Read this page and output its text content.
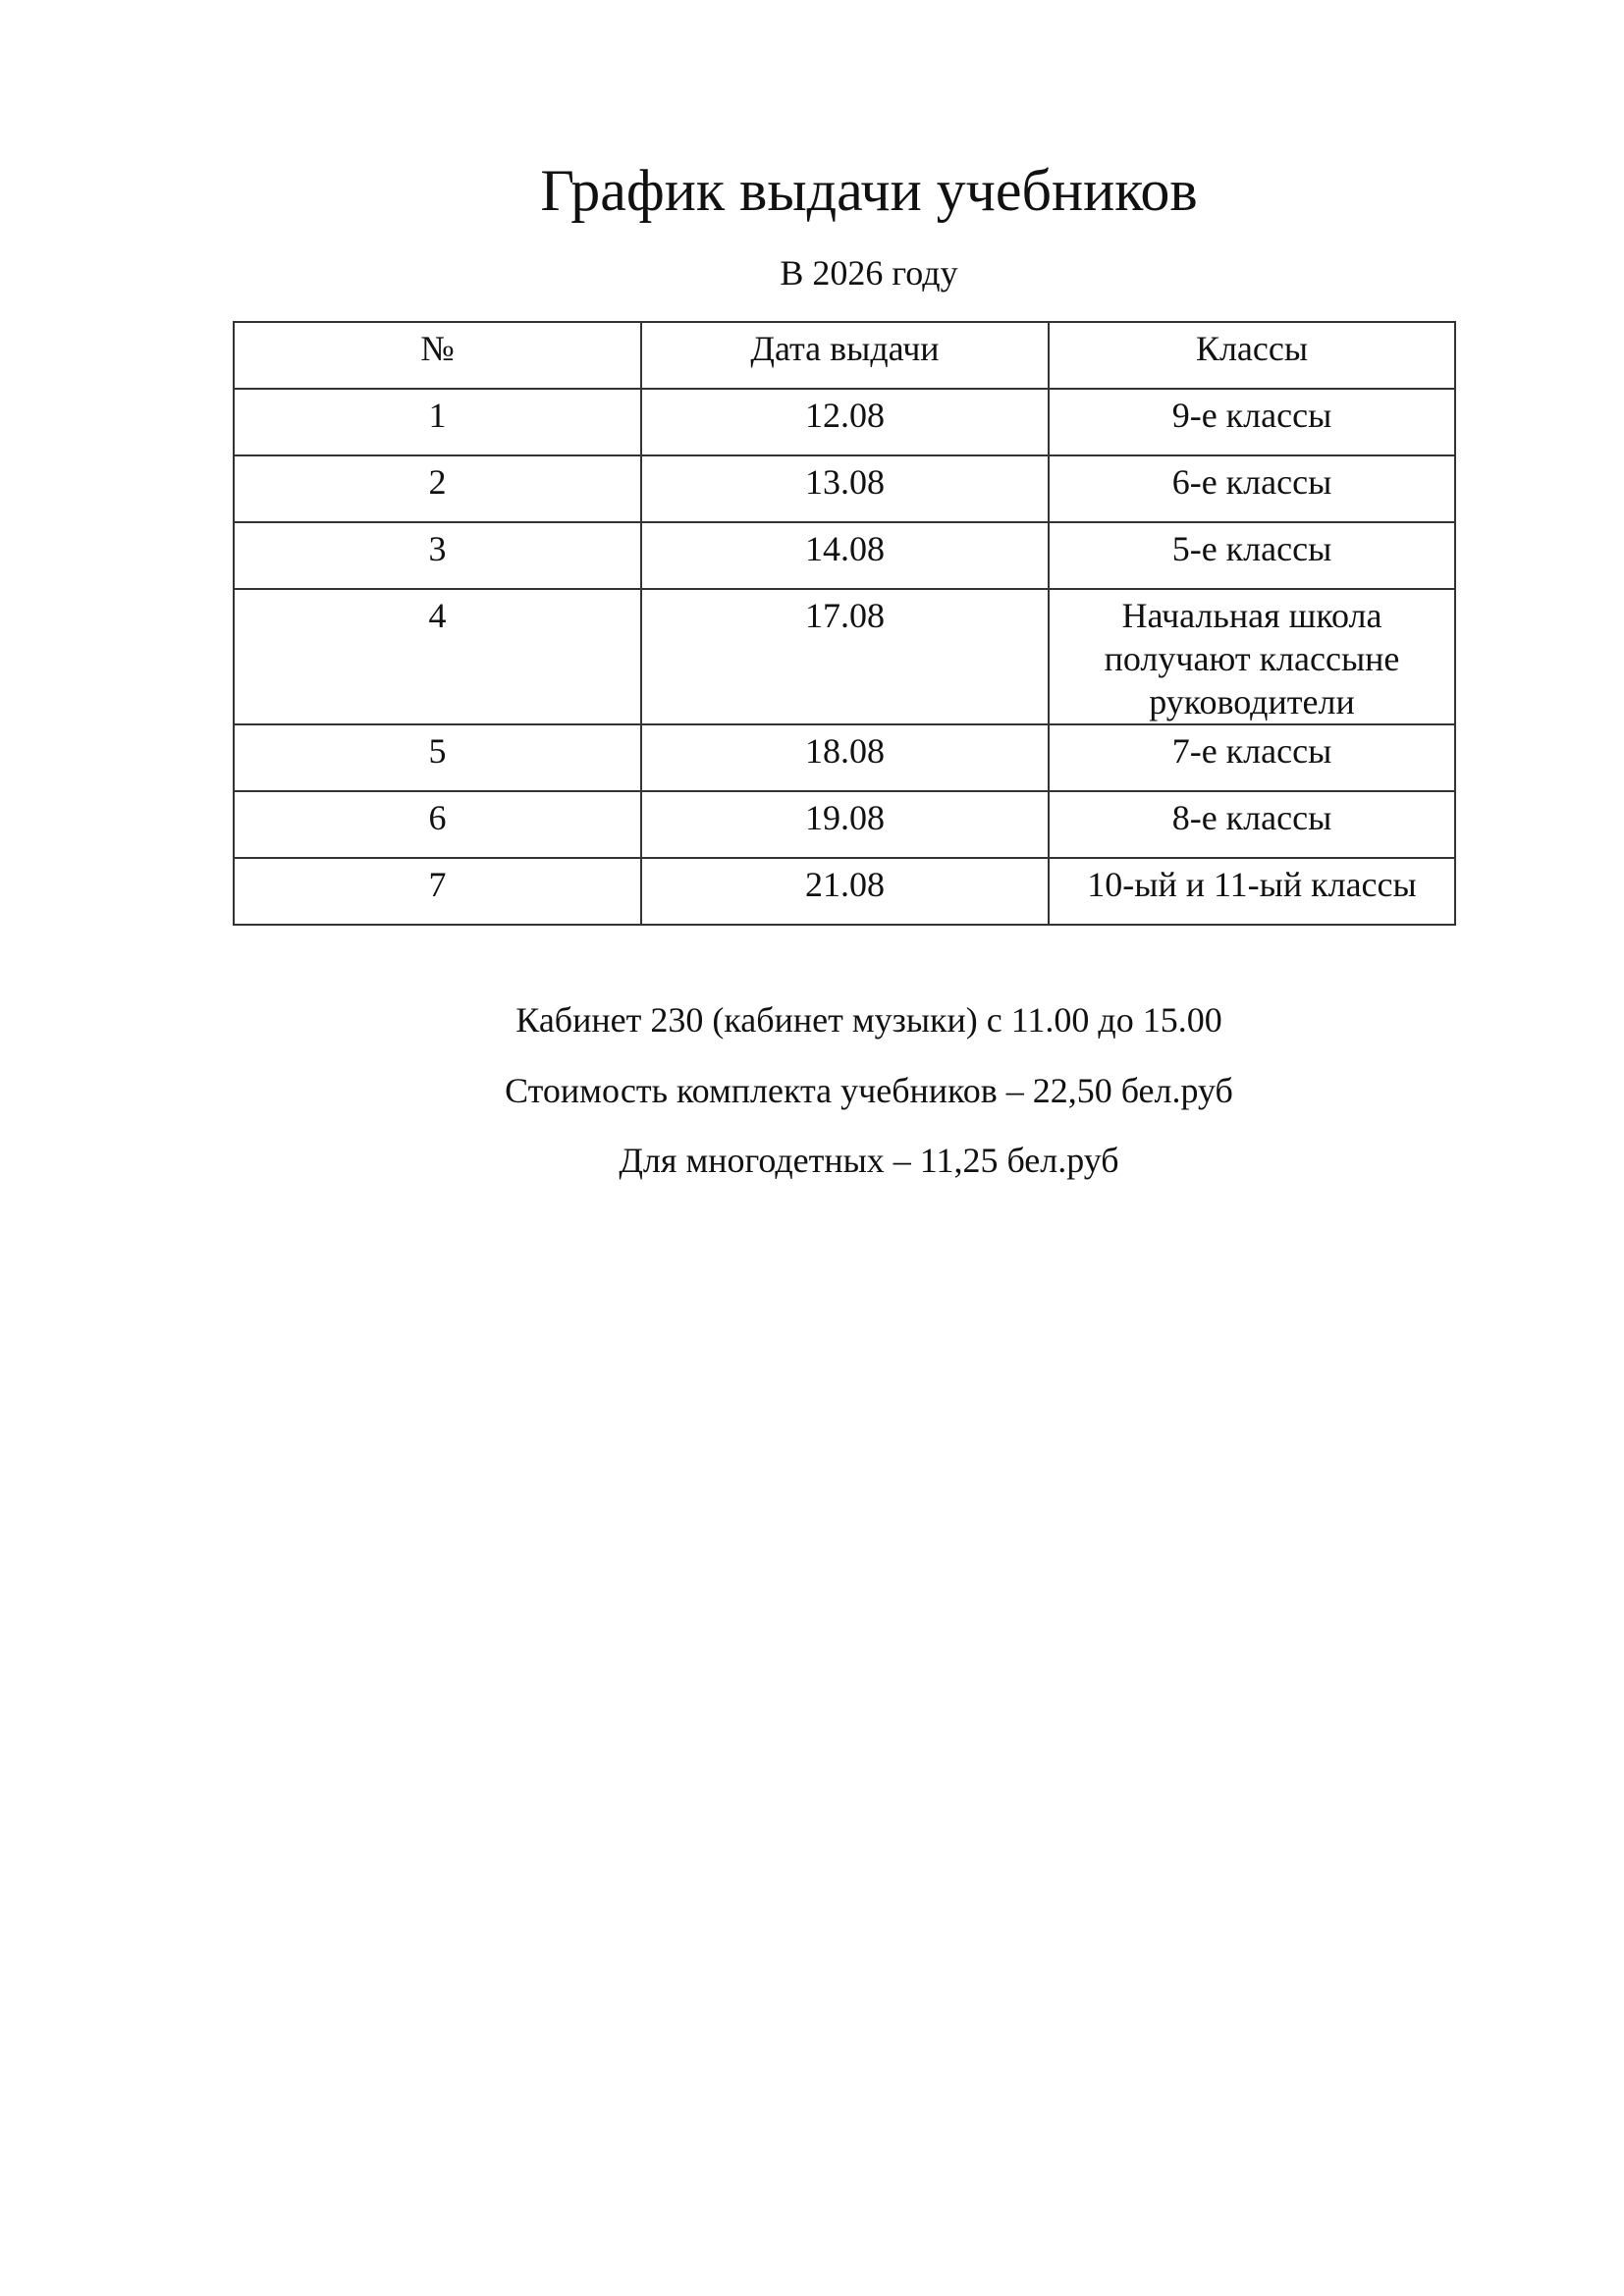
График выдачи учебников

В 2026 году

№	Дата выдачи	Классы
1	12.08	9-е классы
2	13.08	6-е классы
3	14.08	5-е классы
4	17.08	Начальная школа получают классыне руководители
5	18.08	7-е классы
6	19.08	8-е классы
7	21.08	10-ый и 11-ый классы

Кабинет 230 (кабинет музыки) с 11.00 до 15.00

Стоимость комплекта учебников – 22,50 бел.руб

Для многодетных – 11,25 бел.руб
